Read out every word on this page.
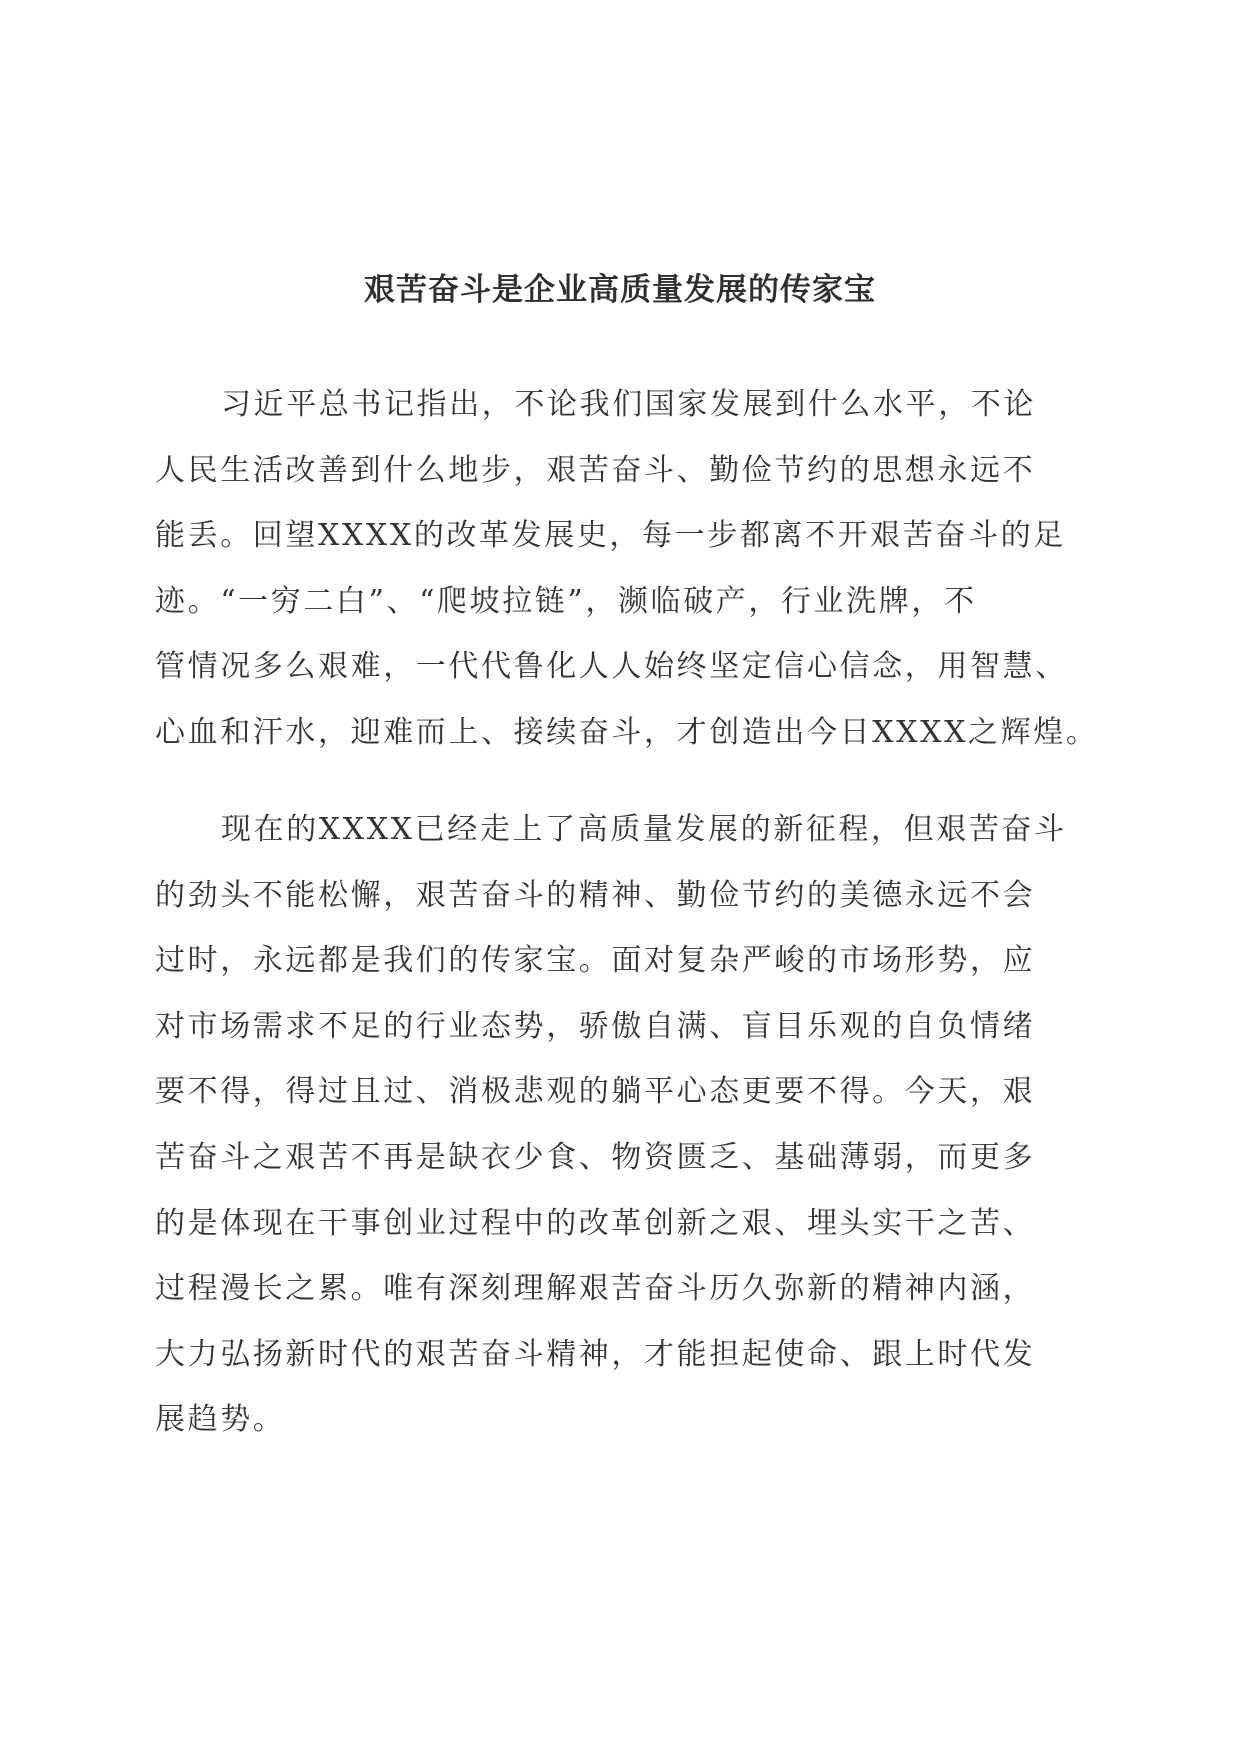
艰苦奋斗是企业高质量发展的传家宝
习近平总书记指出，不论我们国家发展到什么水平，不论
人民生活改善到什么地步，艰苦奋斗、勤俭节约的思想永远不
能丢。回望XXXX的改革发展史，每一步都离不开艰苦奋斗的足
迹。“一穷二白”、“爬坡拉链”，濒临破产，行业洗牌，不
管情况多么艰难，一代代鲁化人人始终坚定信心信念，用智慧、
心血和汗水，迎难而上、接续奋斗，才创造出今日XXXX之辉煌。
现在的XXXX已经走上了高质量发展的新征程，但艰苦奋斗
的劲头不能松懈，艰苦奋斗的精神、勤俭节约的美德永远不会
过时，永远都是我们的传家宝。面对复杂严峻的市场形势，应
对市场需求不足的行业态势，骄傲自满、盲目乐观的自负情绪
要不得，得过且过、消极悲观的躺平心态更要不得。今天，艰
苦奋斗之艰苦不再是缺衣少食、物资匮乏、基础薄弱，而更多
的是体现在干事创业过程中的改革创新之艰、埋头实干之苦、
过程漫长之累。唯有深刻理解艰苦奋斗历久弥新的精神内涵，
大力弘扬新时代的艰苦奋斗精神，才能担起使命、跟上时代发
展趋势。
